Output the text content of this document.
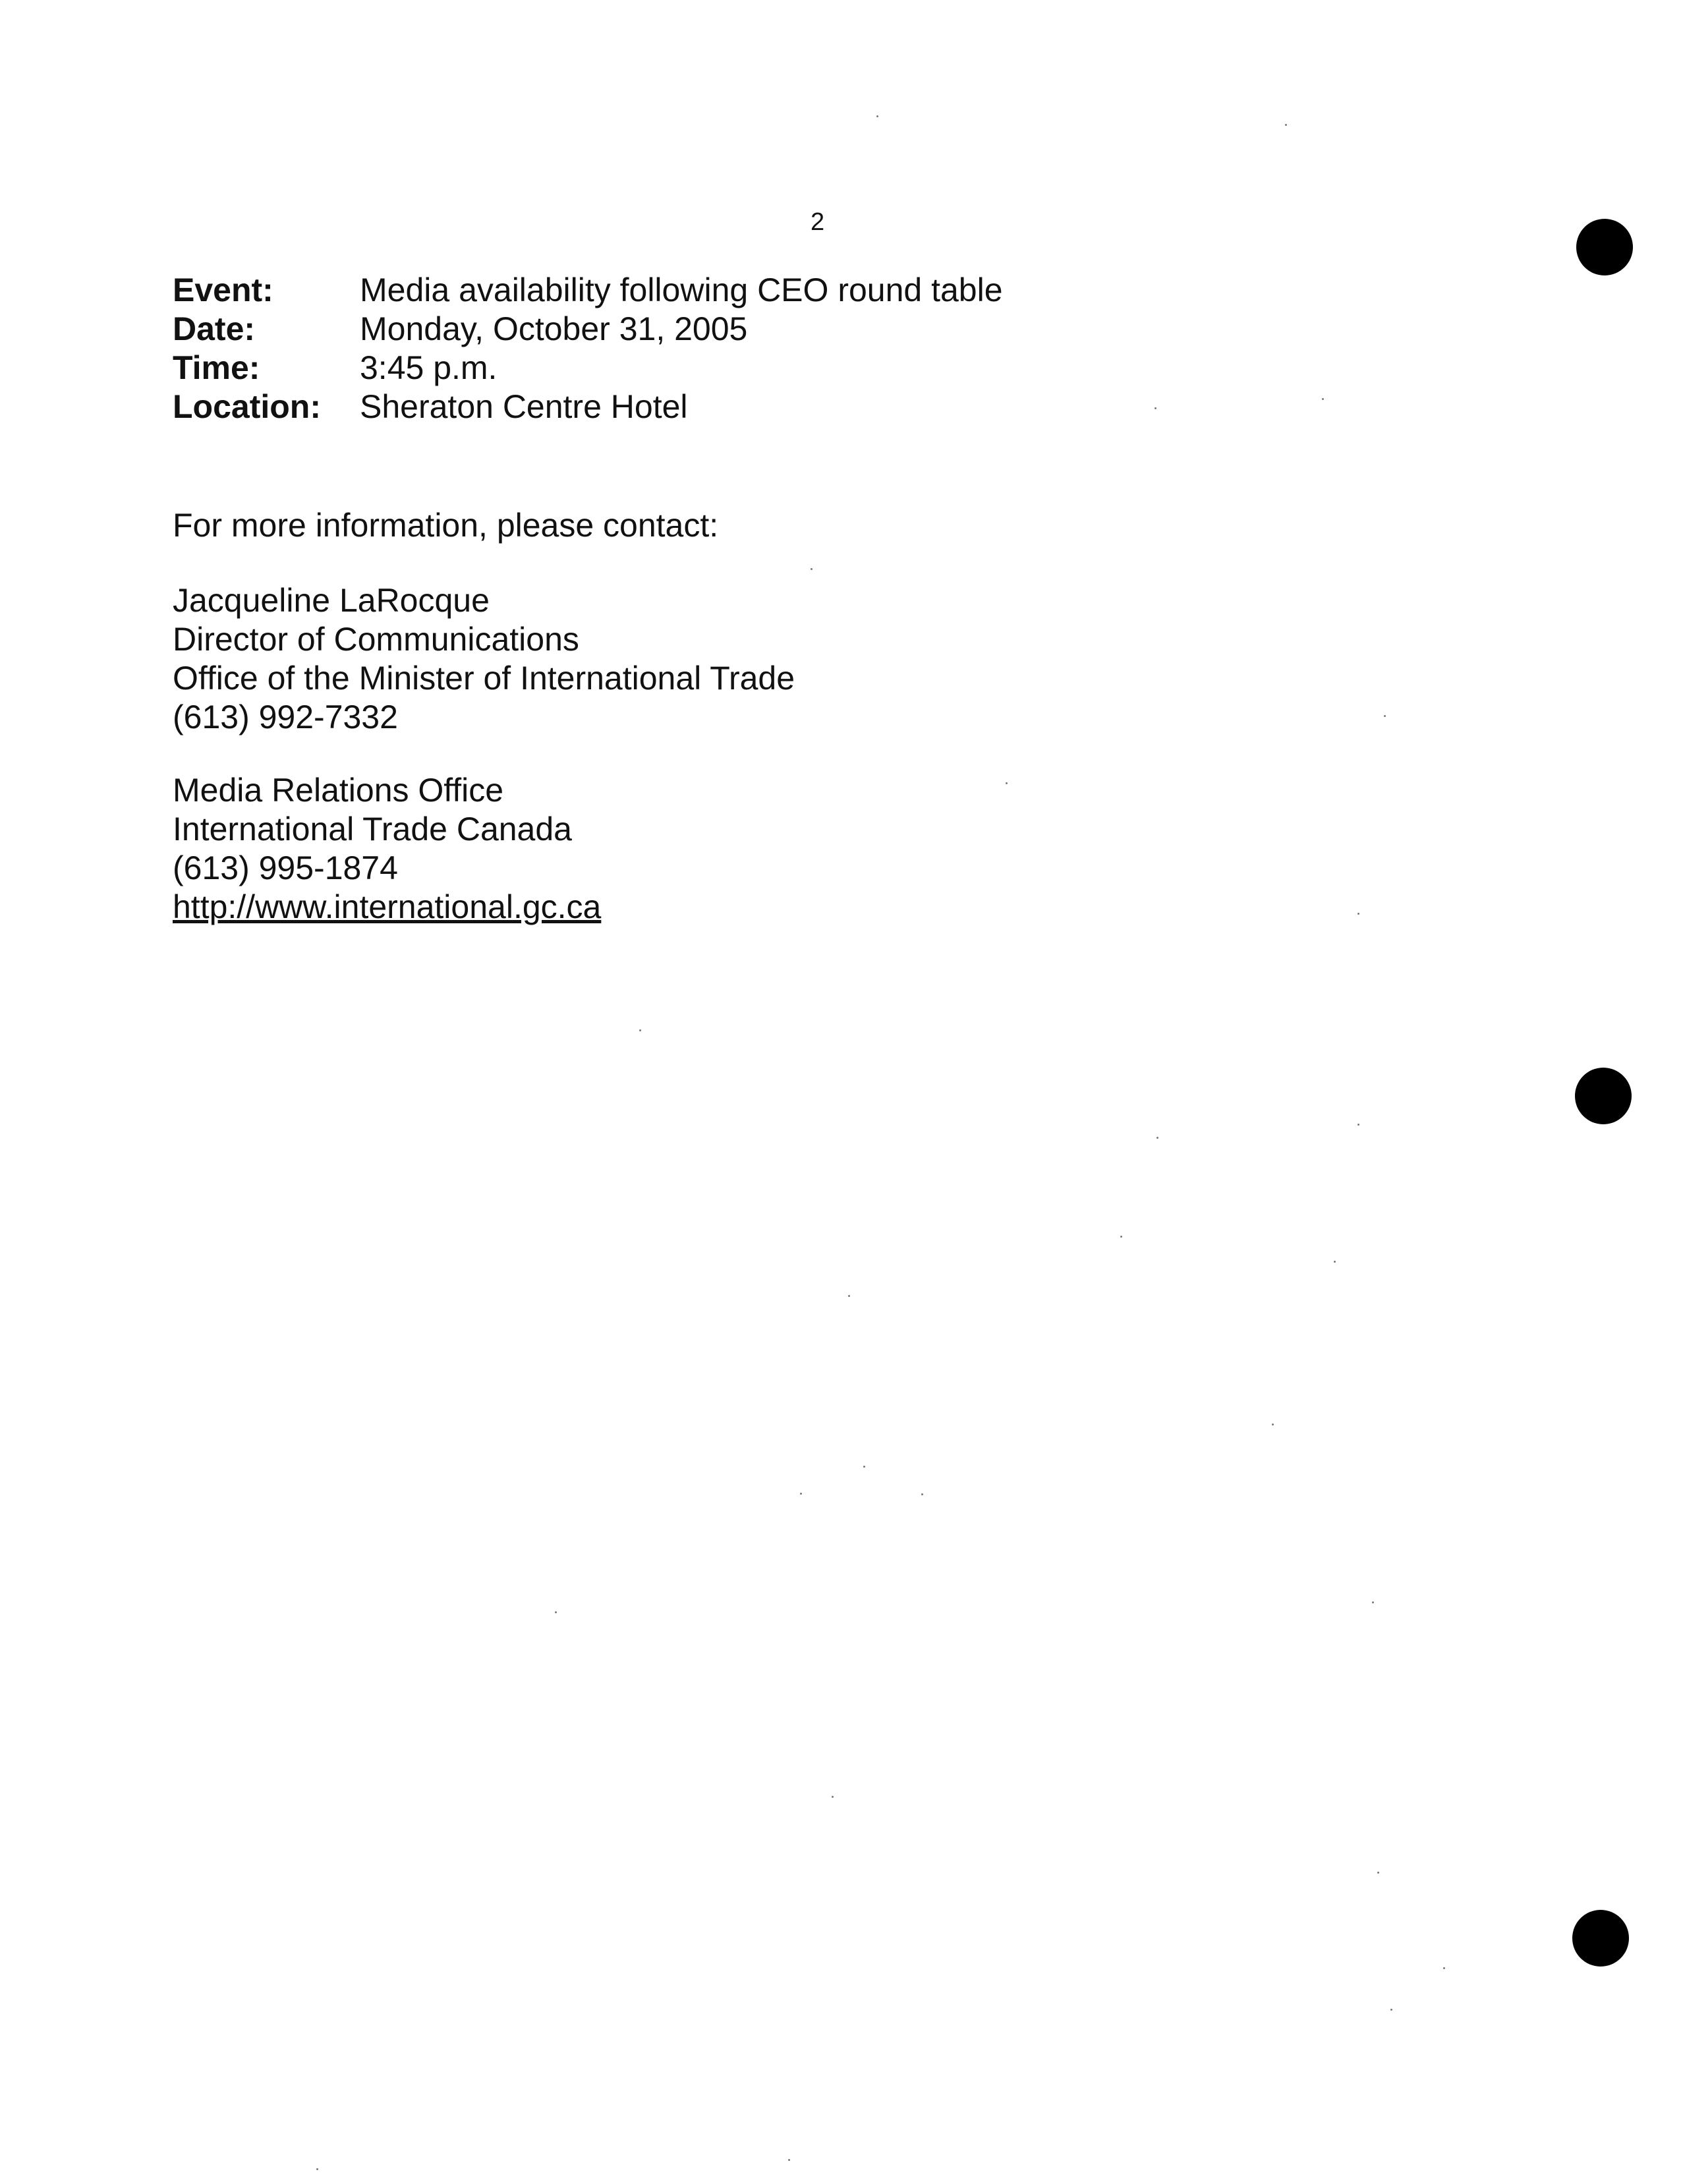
2
Event:	Media availability following CEO round table
Date:	Monday, October 31, 2005
Time:	3:45 p.m.
Location:	Sheraton Centre Hotel
For more information, please contact:
Jacqueline LaRocque
Director of Communications
Office of the Minister of International Trade
(613) 992-7332
Media Relations Office
International Trade Canada
(613) 995-1874
http://www.international.gc.ca
